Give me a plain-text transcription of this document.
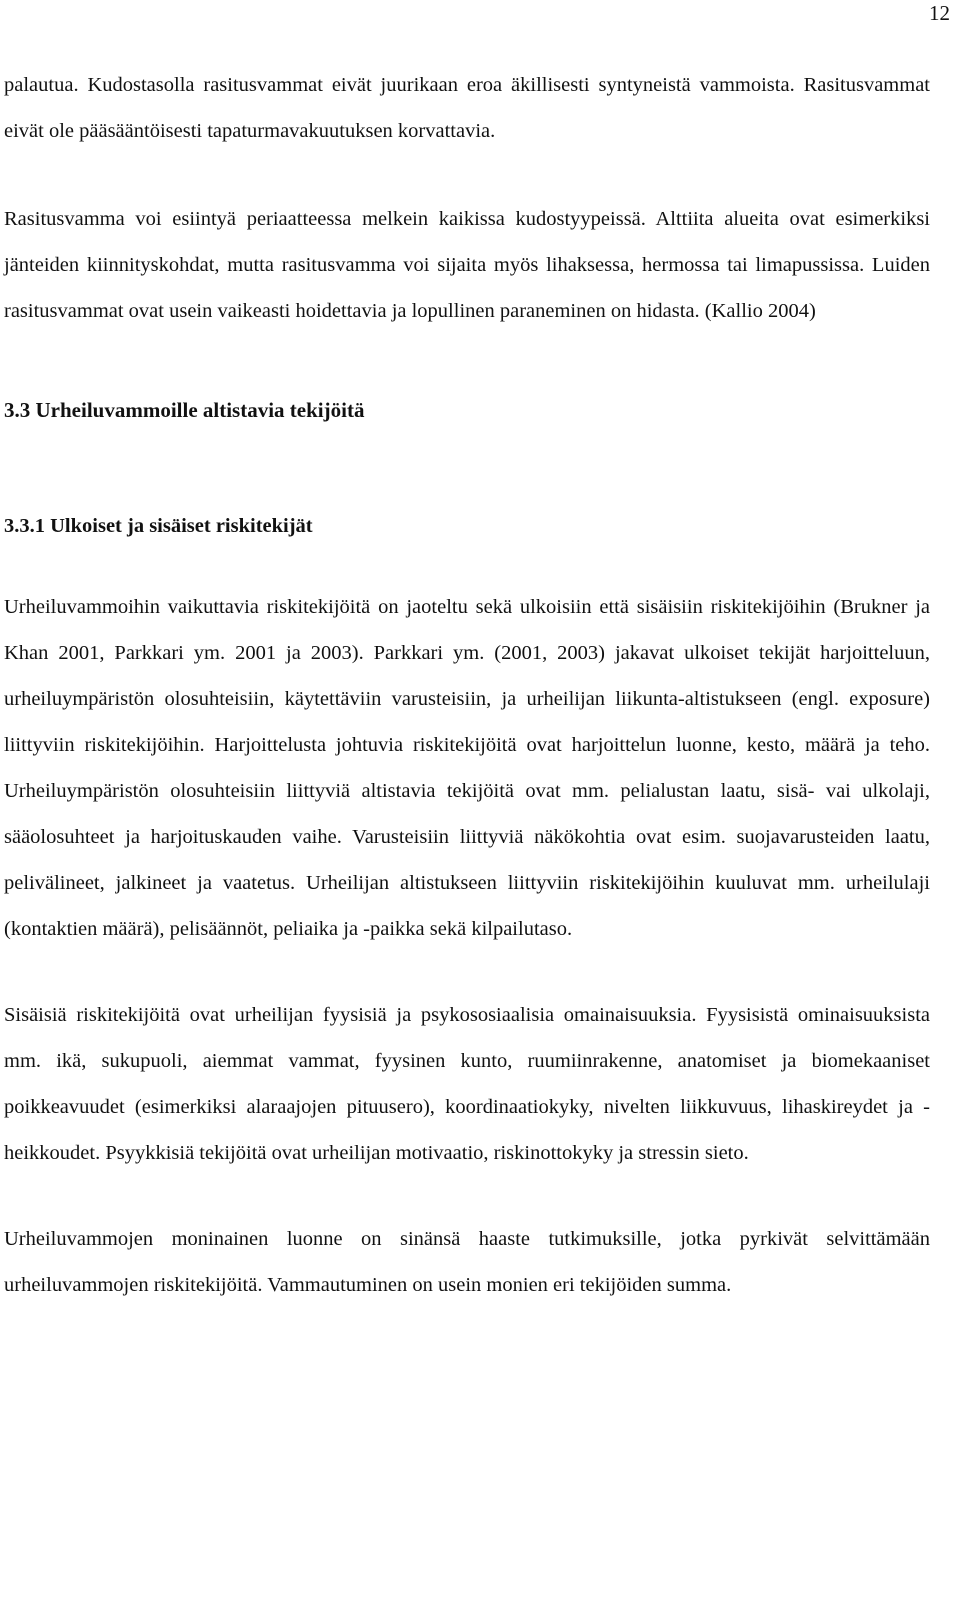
12

palautua. Kudostasolla rasitusvammat eivät juurikaan eroa äkillisesti syntyneistä vammoista. Rasitusvammat eivät ole pääsääntöisesti tapaturmavakuutuksen korvattavia.

Rasitusvamma voi esiintyä periaatteessa melkein kaikissa kudostyypeissä. Alttiita alueita ovat esimerkiksi jänteiden kiinnityskohdat, mutta rasitusvamma voi sijaita myös lihaksessa, hermossa tai limapussissa. Luiden rasitusvammat ovat usein vaikeasti hoidettavia ja lopullinen paraneminen on hidasta. (Kallio 2004)

3.3 Urheiluvammoille altistavia tekijöitä
3.3.1 Ulkoiset ja sisäiset riskitekijät

Urheiluvammoihin vaikuttavia riskitekijöitä on jaoteltu sekä ulkoisiin että sisäisiin riskitekijöihin (Brukner ja Khan 2001, Parkkari ym. 2001 ja 2003). Parkkari ym. (2001, 2003) jakavat ulkoiset tekijät harjoitteluun, urheiluympäristön olosuhteisiin, käytettäviin varusteisiin, ja urheilijan liikunta-altistukseen (engl. exposure) liittyviin riskitekijöihin. Harjoittelusta johtuvia riskitekijöitä ovat harjoittelun luonne, kesto, määrä ja teho. Urheiluympäristön olosuhteisiin liittyviä altistavia tekijöitä ovat mm. pelialustan laatu, sisä- vai ulkolaji, sääolosuhteet ja harjoituskauden vaihe. Varusteisiin liittyviä näkökohtia ovat esim. suojavarusteiden laatu, pelivälineet, jalkineet ja vaatetus. Urheilijan altistukseen liittyviin riskitekijöihin kuuluvat mm. urheilulaji (kontaktien määrä), pelisäännöt, peliaika ja -paikka sekä kilpailutaso.

Sisäisiä riskitekijöitä ovat urheilijan fyysisiä ja psykososiaalisia omainaisuuksia. Fyysisistä ominaisuuksista mm. ikä, sukupuoli, aiemmat vammat, fyysinen kunto, ruumiinrakenne, anatomiset ja biomekaaniset poikkeavuudet (esimerkiksi alaraajojen pituusero), koordinaatiokyky, nivelten liikkuvuus, lihaskireydet ja -heikkoudet. Psyykkisiä tekijöitä ovat urheilijan motivaatio, riskinottokyky ja stressin sieto.

Urheiluvammojen moninainen luonne on sinänsä haaste tutkimuksille, jotka pyrkivät selvittämään urheiluvammojen riskitekijöitä. Vammautuminen on usein monien eri tekijöiden summa.
